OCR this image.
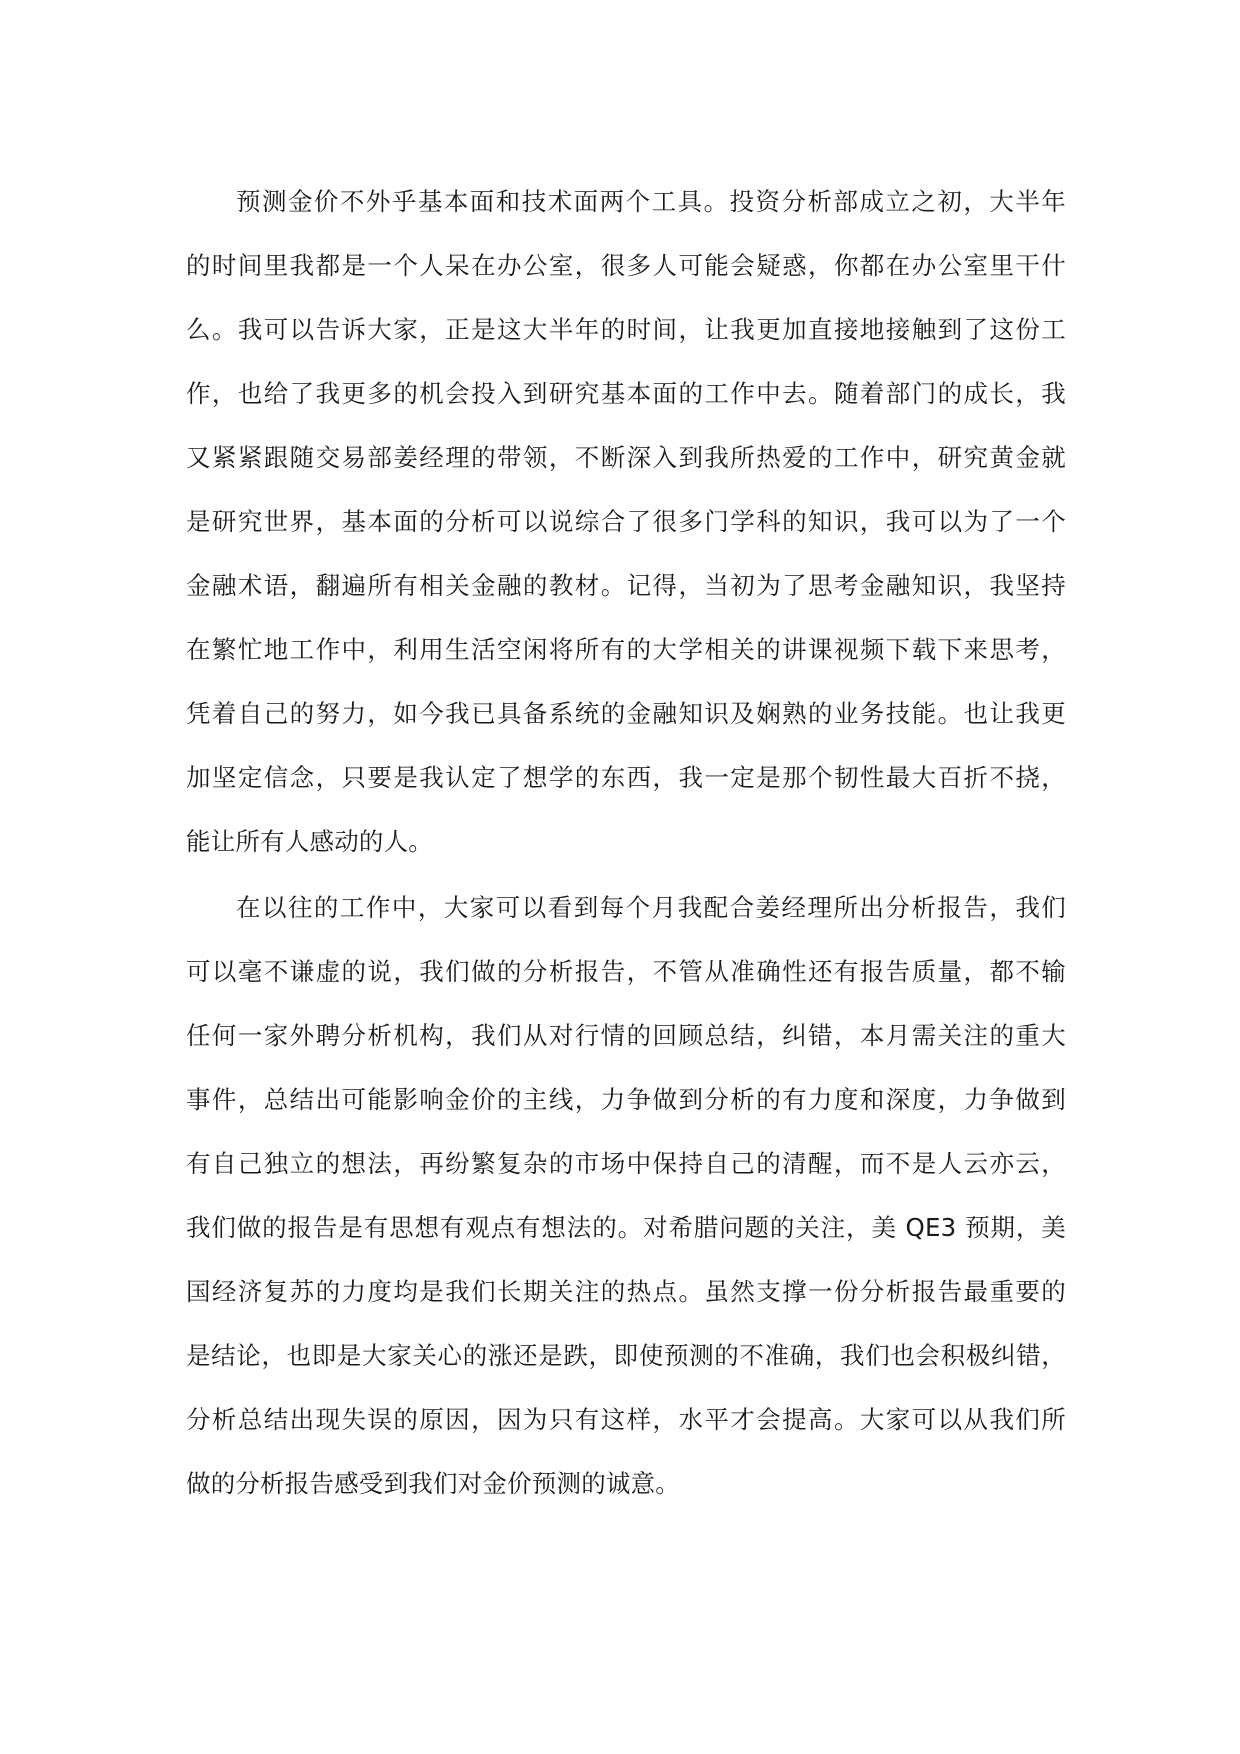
预测金价不外乎基本面和技术面两个工具。投资分析部成立之初，大半年
的时间里我都是一个人呆在办公室，很多人可能会疑惑，你都在办公室里干什
么。我可以告诉大家，正是这大半年的时间，让我更加直接地接触到了这份工
作，也给了我更多的机会投入到研究基本面的工作中去。随着部门的成长，我
又紧紧跟随交易部姜经理的带领，不断深入到我所热爱的工作中，研究黄金就
是研究世界，基本面的分析可以说综合了很多门学科的知识，我可以为了一个
金融术语，翻遍所有相关金融的教材。记得，当初为了思考金融知识，我坚持
在繁忙地工作中，利用生活空闲将所有的大学相关的讲课视频下载下来思考，
凭着自己的努力，如今我已具备系统的金融知识及娴熟的业务技能。也让我更
加坚定信念，只要是我认定了想学的东西，我一定是那个韧性最大百折不挠，
能让所有人感动的人。
在以往的工作中，大家可以看到每个月我配合姜经理所出分析报告，我们
可以毫不谦虚的说，我们做的分析报告，不管从准确性还有报告质量，都不输
任何一家外聘分析机构，我们从对行情的回顾总结，纠错，本月需关注的重大
事件，总结出可能影响金价的主线，力争做到分析的有力度和深度，力争做到
有自己独立的想法，再纷繁复杂的市场中保持自己的清醒，而不是人云亦云，
我们做的报告是有思想有观点有想法的。对希腊问题的关注，美 QE3 预期，美
国经济复苏的力度均是我们长期关注的热点。虽然支撑一份分析报告最重要的
是结论，也即是大家关心的涨还是跌，即使预测的不准确，我们也会积极纠错，
分析总结出现失误的原因，因为只有这样，水平才会提高。大家可以从我们所
做的分析报告感受到我们对金价预测的诚意。
